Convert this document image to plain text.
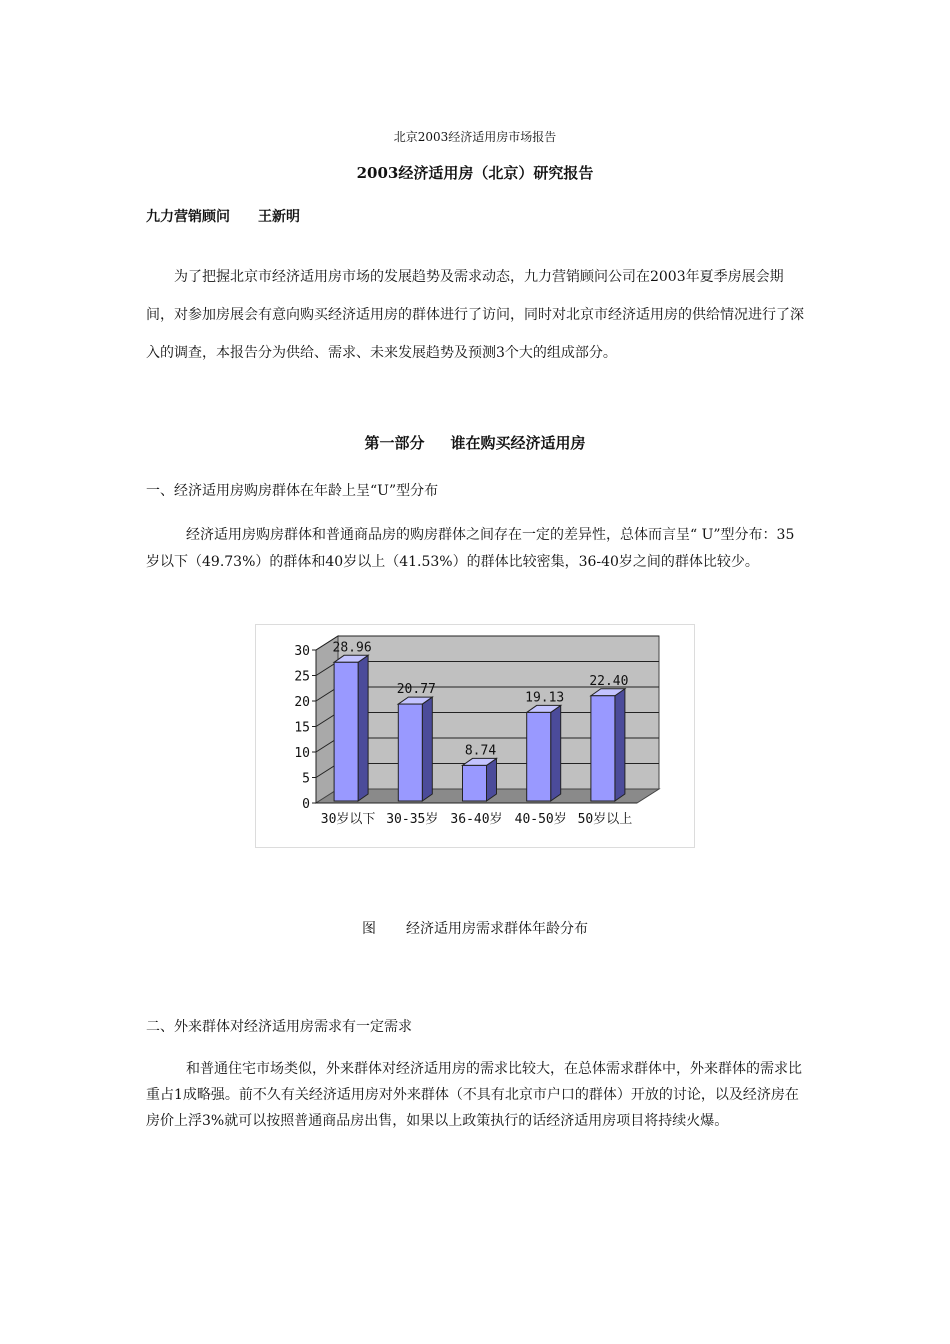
北京2003经济适用房市场报告
2003经济适用房（北京）研究报告
九力营销顾问 王新明
为了把握北京市经济适用房市场的发展趋势及需求动态，九力营销顾问公司在2003年夏季房展会期间，对参加房展会有意向购买经济适用房的群体进行了访问，同时对北京市经济适用房的供给情况进行了深入的调查，本报告分为供给、需求、未来发展趋势及预测3个大的组成部分。
第一部分 谁在购买经济适用房
一、经济适用房购房群体在年龄上呈“U”型分布
经济适用房购房群体和普通商品房的购房群体之间存在一定的差异性，总体而言呈“ U”型分布：35岁以下（49.73%）的群体和40岁以上（41.53%）的群体比较密集，36-40岁之间的群体比较少。
0
5
10
15
20
25
30 28.96
30岁以下
20.77
30-35岁
8.74
36-40岁
19.13
40-50岁
22.40
50岁以上
图 经济适用房需求群体年龄分布
二、外来群体对经济适用房需求有一定需求
和普通住宅市场类似，外来群体对经济适用房的需求比较大，在总体需求群体中，外来群体的需求比重占1成略强。前不久有关经济适用房对外来群体（不具有北京市户口的群体）开放的讨论，以及经济房在房价上浮3%就可以按照普通商品房出售，如果以上政策执行的话经济适用房项目将持续火爆。
